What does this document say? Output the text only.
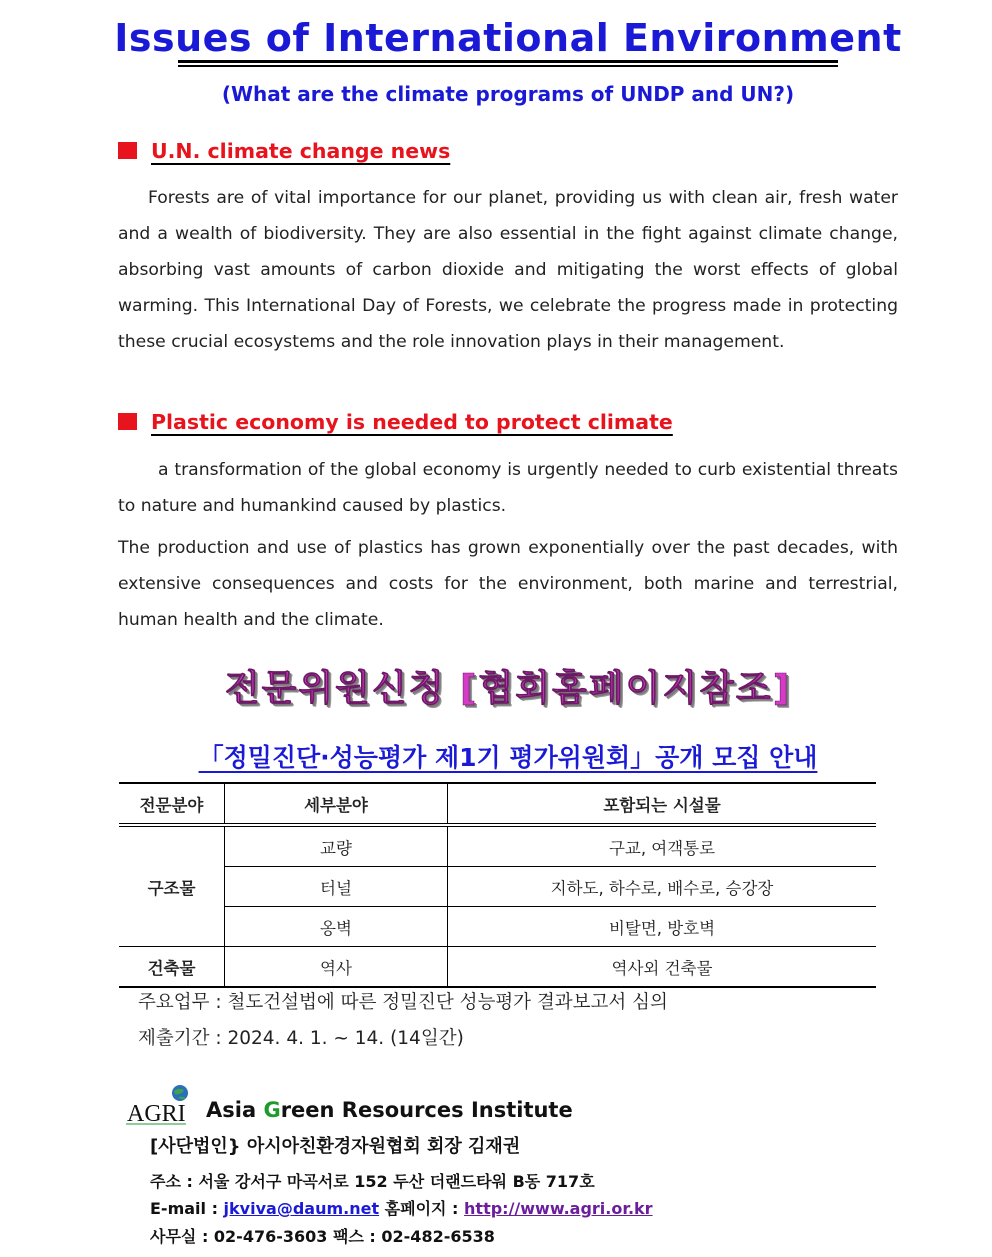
Issues of International Environment
(What are the climate programs of UNDP and UN?)
U.N. climate change news
Forests are of vital importance for our planet, providing us with clean air, fresh water and a wealth of biodiversity. They are also essential in the fight against climate change, absorbing vast amounts of carbon dioxide and mitigating the worst effects of global warming. This International Day of Forests, we celebrate the progress made in protecting these crucial ecosystems and the role innovation plays in their management.
Plastic economy is needed to protect climate
a transformation of the global economy is urgently needed to curb existential threats to nature and humankind caused by plastics.
The production and use of plastics has grown exponentially over the past decades, with extensive consequences and costs for the environment, both marine and terrestrial, human health and the climate.
전문위원신청 [협회홈페이지참조]
「정밀진단·성능평가 제1기 평가위원회」공개 모집 안내
전문분야	세부분야	포함되는 시설물
구조물	교량	구교, 여객통로
	터널	지하도, 하수로, 배수로, 승강장
	옹벽	비탈면, 방호벽
건축물	역사	역사외 건축물
주요업무 : 철도건설법에 따른 정밀진단 성능평가 결과보고서 심의
제출기간 : 2024. 4. 1. ~ 14. (14일간)
AGRI Asia Green Resources Institute
[사단법인} 아시아친환경자원협회 회장 김재권
주소 : 서울 강서구 마곡서로 152 두산 더랜드타워 B동 717호
E-mail : jkviva@daum.net 홈페이지 : http://www.agri.or.kr
사무실 : 02-476-3603 팩스 : 02-482-6538
